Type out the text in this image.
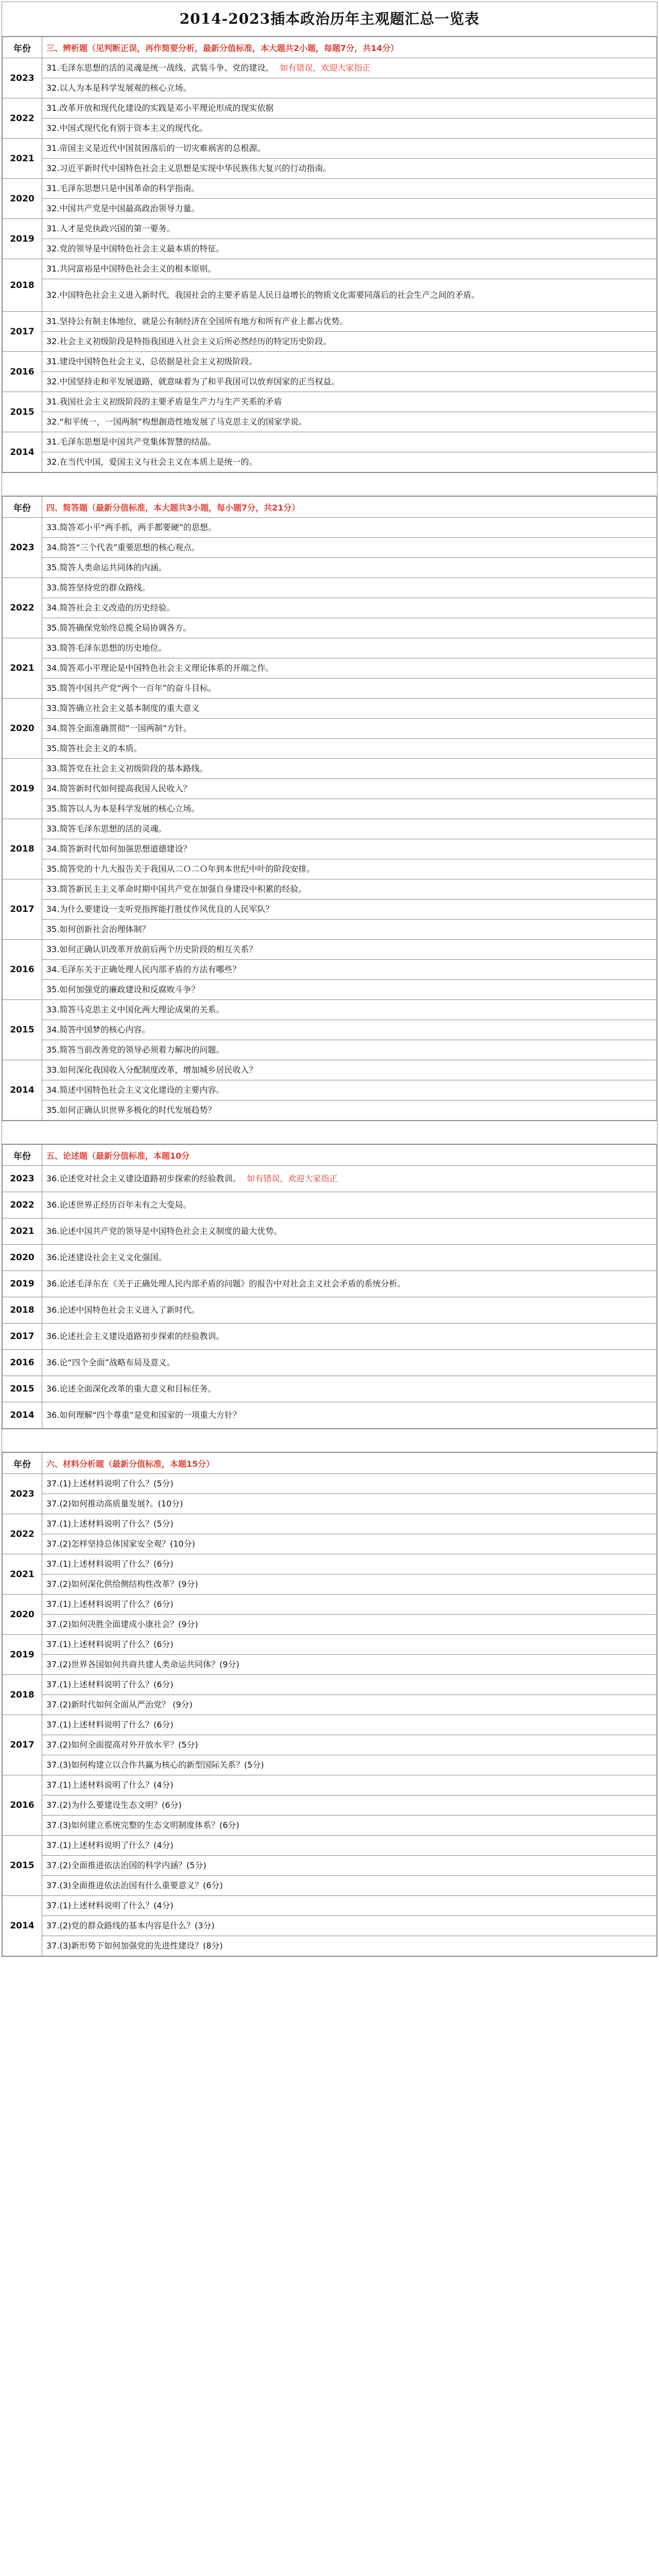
2014-2023插本政治历年主观题汇总一览表
年份	三、辨析题（见判断正误，再作简要分析，最新分值标准，本大题共2小题，每题7分，共14分）
2023	31.毛泽东思想的活的灵魂是统一战线、武装斗争、党的建设。 如有错误，欢迎大家指正
	32.以人为本是科学发展观的核心立场。
2022	31.改革开放和现代化建设的实践是邓小平理论形成的现实依据
	32.中国式现代化有别于资本主义的现代化。
2021	31.帝国主义是近代中国贫困落后的一切灾难祸害的总根源。
	32.习近平新时代中国特色社会主义思想是实现中华民族伟大复兴的行动指南。
2020	31.毛泽东思想只是中国革命的科学指南。
	32.中国共产党是中国最高政治领导力量。
2019	31.人才是党执政兴国的第一要务。
	32.党的领导是中国特色社会主义最本质的特征。
2018	31.共同富裕是中国特色社会主义的根本原则。
	32.中国特色社会主义进入新时代，我国社会的主要矛盾是人民日益增长的物质文化需要同落后的社会生产之间的矛盾。
2017	31.坚持公有制主体地位，就是公有制经济在全国所有地方和所有产业上都占优势。
	32.社会主义初级阶段是特指我国进入社会主义后所必然经历的特定历史阶段。
2016	31.建设中国特色社会主义，总依据是社会主义初级阶段。
	32.中国坚持走和平发展道路，就意味着为了和平我国可以放弃国家的正当权益。
2015	31.我国社会主义初级阶段的主要矛盾是生产力与生产关系的矛盾
	32.“和平统一，一国两制”构想創造性地发展了马克思主义的国家学说。
2014	31.毛泽东思想是中国共产党集体智慧的结晶。
	32.在当代中国，爱国主义与社会主义在本质上是统一的。
年份	四、简答题（最新分值标准，本大题共3小题，每小题7分，共21分）
2023	33.简答邓小平“两手抓，两手都要硬”的思想。
	34.简答“三个代表”重要思想的核心观点。
	35.简答人类命运共同体的内涵。
2022	33.简答坚持党的群众路线。
	34.简答社会主义改造的历史经验。
	35.简答确保党始终总揽全局协调各方。
2021	33.简答毛泽东思想的历史地位。
	34.简答邓小平理论是中国特色社会主义理论体系的开端之作。
	35.简答中国共产党“两个一百年”的奋斗目标。
2020	33.简答确立社会主义基本制度的重大意义
	34.简答全面准确贯彻“一国两制”方针。
	35.简答社会主义的本质。
2019	33.简答党在社会主义初级阶段的基本路线。
	34.简答新时代如何提高我国人民收入？
	35.简答以人为本是科学发展的核心立场。
2018	33.简答毛泽东思想的活的灵魂。
	34.简答新时代如何加强思想道德建设？
	35.简答党的十九大报告关于我国从二Ｏ二Ｏ年到本世纪中叶的阶段安排。
2017	33.简答新民主主义革命时期中国共产党在加强自身建设中积累的经验。
	34.为什么要建设一支听党指挥能打胜仗作风优良的人民军队？
	35.如何创新社会治理体制？
2016	33.如何正确认识改革开放前后两个历史阶段的相互关系？
	34.毛泽东关于正确处理人民内部矛盾的方法有哪些？
	35.如何加强党的廉政建设和反腐败斗争？
2015	33.简答马克思主义中国化两大理论成果的关系。
	34.简答中国梦的核心内容。
	35.简答当前改善党的领导必须着力解决的问题。
2014	33.如何深化我国收入分配制度改革，增加城乡居民收入？
	34.简述中国特色社会主义文化建设的主要内容。
	35.如何正确认识世界多极化的时代发展趋势？
年份	五、论述题（最新分值标准，本题10分
2023	36.论述党对社会主义建设道路初步探索的经验教训。 如有错误，欢迎大家指正
2022	36.论述世界正经历百年未有之大变局。
2021	36.论述中国共产党的领导是中国特色社会主义制度的最大优势。
2020	36.论述建设社会主义文化强国。
2019	36.论述毛泽东在《关于正确处理人民内部矛盾的问题》的报告中对社会主义社会矛盾的系统分析。
2018	36.论述中国特色社会主义进入了新时代。
2017	36.论述社会主义建设道路初步探索的经验教训。
2016	36.论“四个全面”战略布局及意义。
2015	36.论述全面深化改革的重大意义和目标任务。
2014	36.如何理解“四个尊重”是党和国家的一项重大方针？
年份	六、材料分析题（最新分值标准，本题15分）
2023	37.(1)上述材料说明了什么？(5分)
	37.(2)如何推动高质量发展?。(10分)
2022	37.(1)上述材料说明了什么？(5分)
	37.(2)怎样坚持总体国家安全观？(10分)
2021	37.(1)上述材料说明了什么？(6分)
	37.(2)如何深化供给侧结构性改革？(9分)
2020	37.(1)上述材料说明了什么？(6分)
	37.(2)如何决胜全面建成小康社会？(9分)
2019	37.(1)上述材料说明了什么？(6分)
	37.(2)世界各国如何共商共建人类命运共同体？(9分)
2018	37.(1)上述材料说明了什么？(6分)
	37.(2)新时代如何全面从严治党？ (9分)
2017	37.(1)上述材料说明了什么？(6分)
	37.(2)如何全面提高对外开放水平？(5分)
	37.(3)如何构建立以合作共赢为核心的新型国际关系？(5分)
2016	37.(1)上述材料说明了什么？(4分)
	37.(2)为什么要建设生态文明？(6分)
	37.(3)如何建立系统完整的生态文明制度体系？(6分)
2015	37.(1)上述材料说明了什么？(4分)
	37.(2)全面推进依法治国的科学内涵？(5分)
	37.(3)全面推进依法治国有什么重要意义？(6分)
2014	37.(1)上述材料说明了什么？(4分)
	37.(2)党的群众路线的基本内容是什么？(3分)
	37.(3)新形势下如何加强党的先进性建设？(8分)
